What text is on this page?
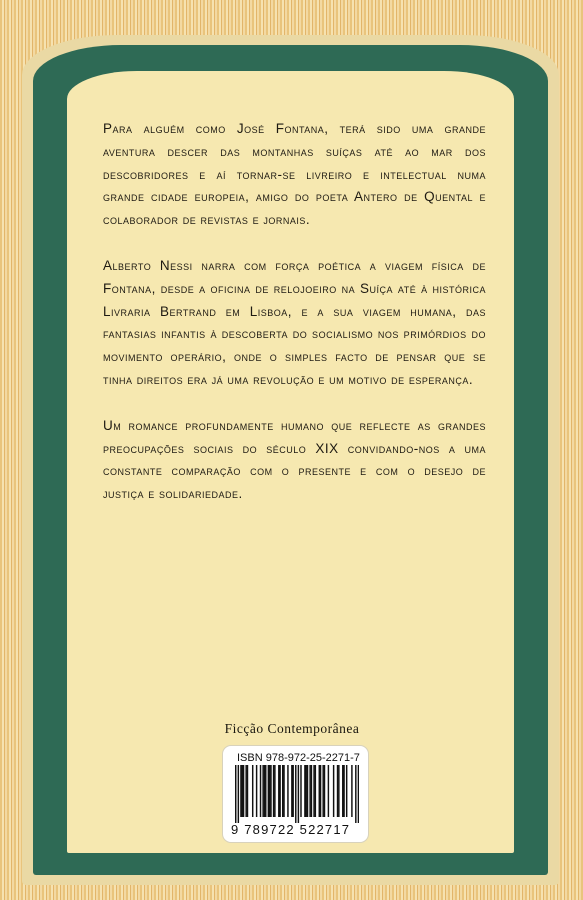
Para alguém como José Fontana, terá sido uma grande aventura descer das montanhas suíças até ao mar dos descobridores e aí tornar-se livreiro e intelectual numa grande cidade europeia, amigo do poeta Antero de Quental e colaborador de revistas e jornais.

Alberto Nessi narra com força poética a viagem física de Fontana, desde a oficina de relojoeiro na Suíça até à histórica Livraria Bertrand em Lisboa, e a sua viagem humana, das fantasias infantis à descoberta do socialismo nos primórdios do movimento operário, onde o simples facto de pensar que se tinha direitos era já uma revolução e um motivo de esperança.

Um romance profundamente humano que reflecte as grandes preocupações sociais do século XIX convidando-nos a uma constante comparação com o presente e com o desejo de justiça e solidariedade.

Ficção Contemporânea
ISBN 978-972-25-2271-7
9 789722 522717
